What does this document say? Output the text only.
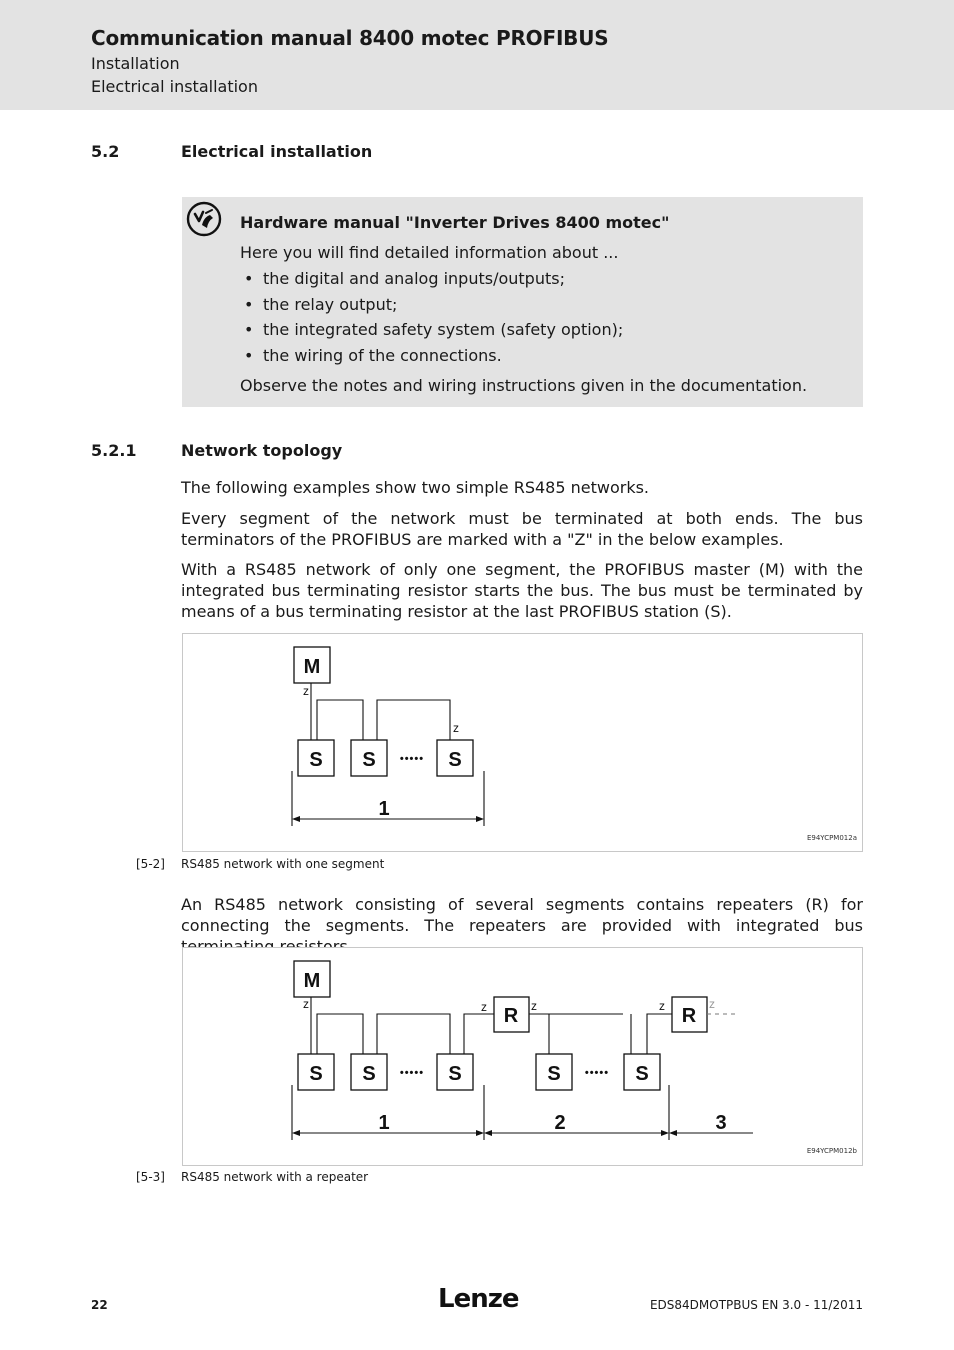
Communication manual 8400 motec PROFIBUS
Installation
Electrical installation
5.2	Electrical installation
Hardware manual "Inverter Drives 8400 motec"
Here you will find detailed information about ...
• the digital and analog inputs/outputs;
• the relay output;
• the integrated safety system (safety option);
• the wiring of the connections.
Observe the notes and wiring instructions given in the documentation.
5.2.1	Network topology
The following examples show two simple RS485 networks.
Every segment of the network must be terminated at both ends. The bus terminators of the PROFIBUS are marked with a "Z" in the below examples.
With a RS485 network of only one segment, the PROFIBUS master (M) with the integrated bus terminating resistor starts the bus. The bus must be terminated by means of a bus terminating resistor at the last PROFIBUS station (S).
M
z
S S ••••• S
z
1
E94YCPM012a
[5-2] RS485 network with one segment
An RS485 network consisting of several segments contains repeaters (R) for connecting the segments. The repeaters are provided with integrated bus
M
z
S S ••••• S
R
z	z
S ••••• S
R
z	z
1	2	3
E94YCPM012b
[5-3] RS485 network with a repeater
22	Lenze	EDS84DMOTPBUS EN 3.0 - 11/2011
